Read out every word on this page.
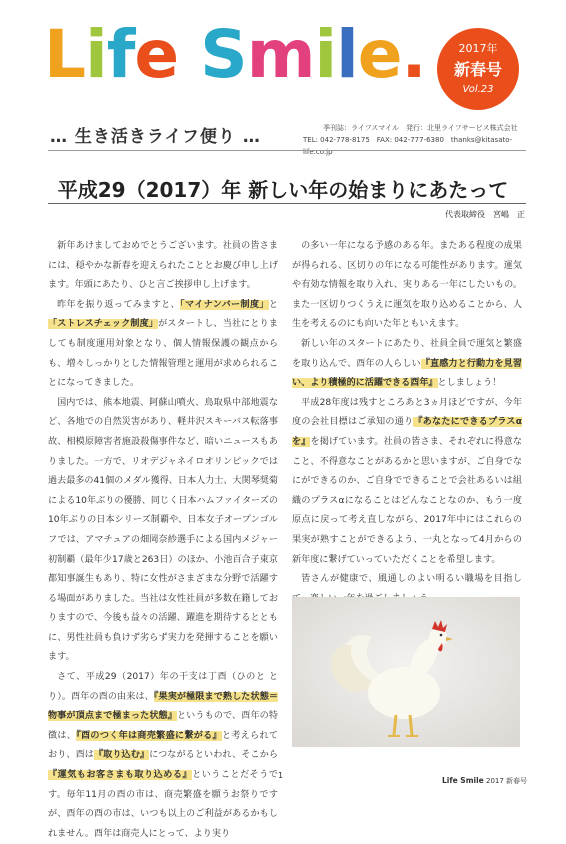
Life Smile.
… 生き活きライフ便り …
2017年
新春号
Vol.23
季刊誌：ライフスマイル　発行：北里ライフサービス株式会社
TEL: 042-778-8175　FAX: 042-777-6380　thanks@kitasato-life.co.jp
平成29（2017）年 新しい年の始まりにあたって
代表取締役　宮嶋　正

新年あけましておめでとうございます。社員の皆さまには、穏やかな新春を迎えられたこととお慶び申し上げます。年頭にあたり、ひと言ご挨拶申し上げます。

昨年を振り返ってみますと、「マイナンバー制度」と「ストレスチェック制度」がスタートし、当社にとりましても制度運用対象となり、個人情報保護の観点からも、増々しっかりとした情報管理と運用が求められることになってきました。

国内では、熊本地震、阿蘇山噴火、鳥取県中部地震など、各地での自然災害があり、軽井沢スキーバス転落事故、相模原障害者施設殺傷事件など、暗いニュースもありました。一方で、リオデジャネイロオリンピックでは過去最多の41個のメダル獲得、日本人力士、大関琴奨菊による10年ぶりの優勝、同じく日本ハムファイターズの10年ぶりの日本シリーズ制覇や、日本女子オープンゴルフでは、アマチュアの畑岡奈紗選手による国内メジャー初制覇（最年少17歳と263日）のほか、小池百合子東京都知事誕生もあり、特に女性がさまざまな分野で活躍する場面がありました。当社は女性社員が多数在籍しておりますので、今後も益々の活躍、躍進を期待するとともに、男性社員も負けず劣らず実力を発揮することを願います。

さて、平成29（2017）年の干支は丁酉（ひのと とり）。酉年の酉の由来は、『果実が極限まで熟した状態＝物事が頂点まで極まった状態』というもので、酉年の特徴は、『酉のつく年は商売繁盛に繋がる』と考えられており、酉は『取り込む』につながるといわれ、そこから『運気もお客さまも取り込める』ということだそうです。毎年11月の酉の市は、商売繁盛を願うお祭りですが、酉年の酉の市は、いつも以上のご利益があるかもしれません。酉年は商売人にとって、より実り

の多い一年になる予感のある年。またある程度の成果が得られる、区切りの年になる可能性があります。運気や有効な情報を取り入れ、実りある一年にしたいもの。また一区切りつくうえに運気を取り込めることから、人生を考えるのにも向いた年ともいえます。

新しい年のスタートにあたり、社員全員で運気と繁盛を取り込んで、酉年の人らしい『直感力と行動力を見習い、より積極的に活躍できる酉年』としましょう！

平成28年度は残すところあと3ヵ月ほどですが、今年度の会社目標はご承知の通り『あなたにできるプラスαを』を掲げています。社員の皆さま、それぞれに得意なこと、不得意なことがあるかと思いますが、ご自身でなにができるのか、ご自身でできることで会社あるいは組織のプラスαになることはどんなことなのか、もう一度原点に戻って考え直しながら、2017年中にはこれらの果実が熟すことができるよう、一丸となって4月からの新年度に繋げていっていただくことを希望します。

皆さんが健康で、風通しのよい明るい職場を目指し

1
Life Smile 2017 新春号
